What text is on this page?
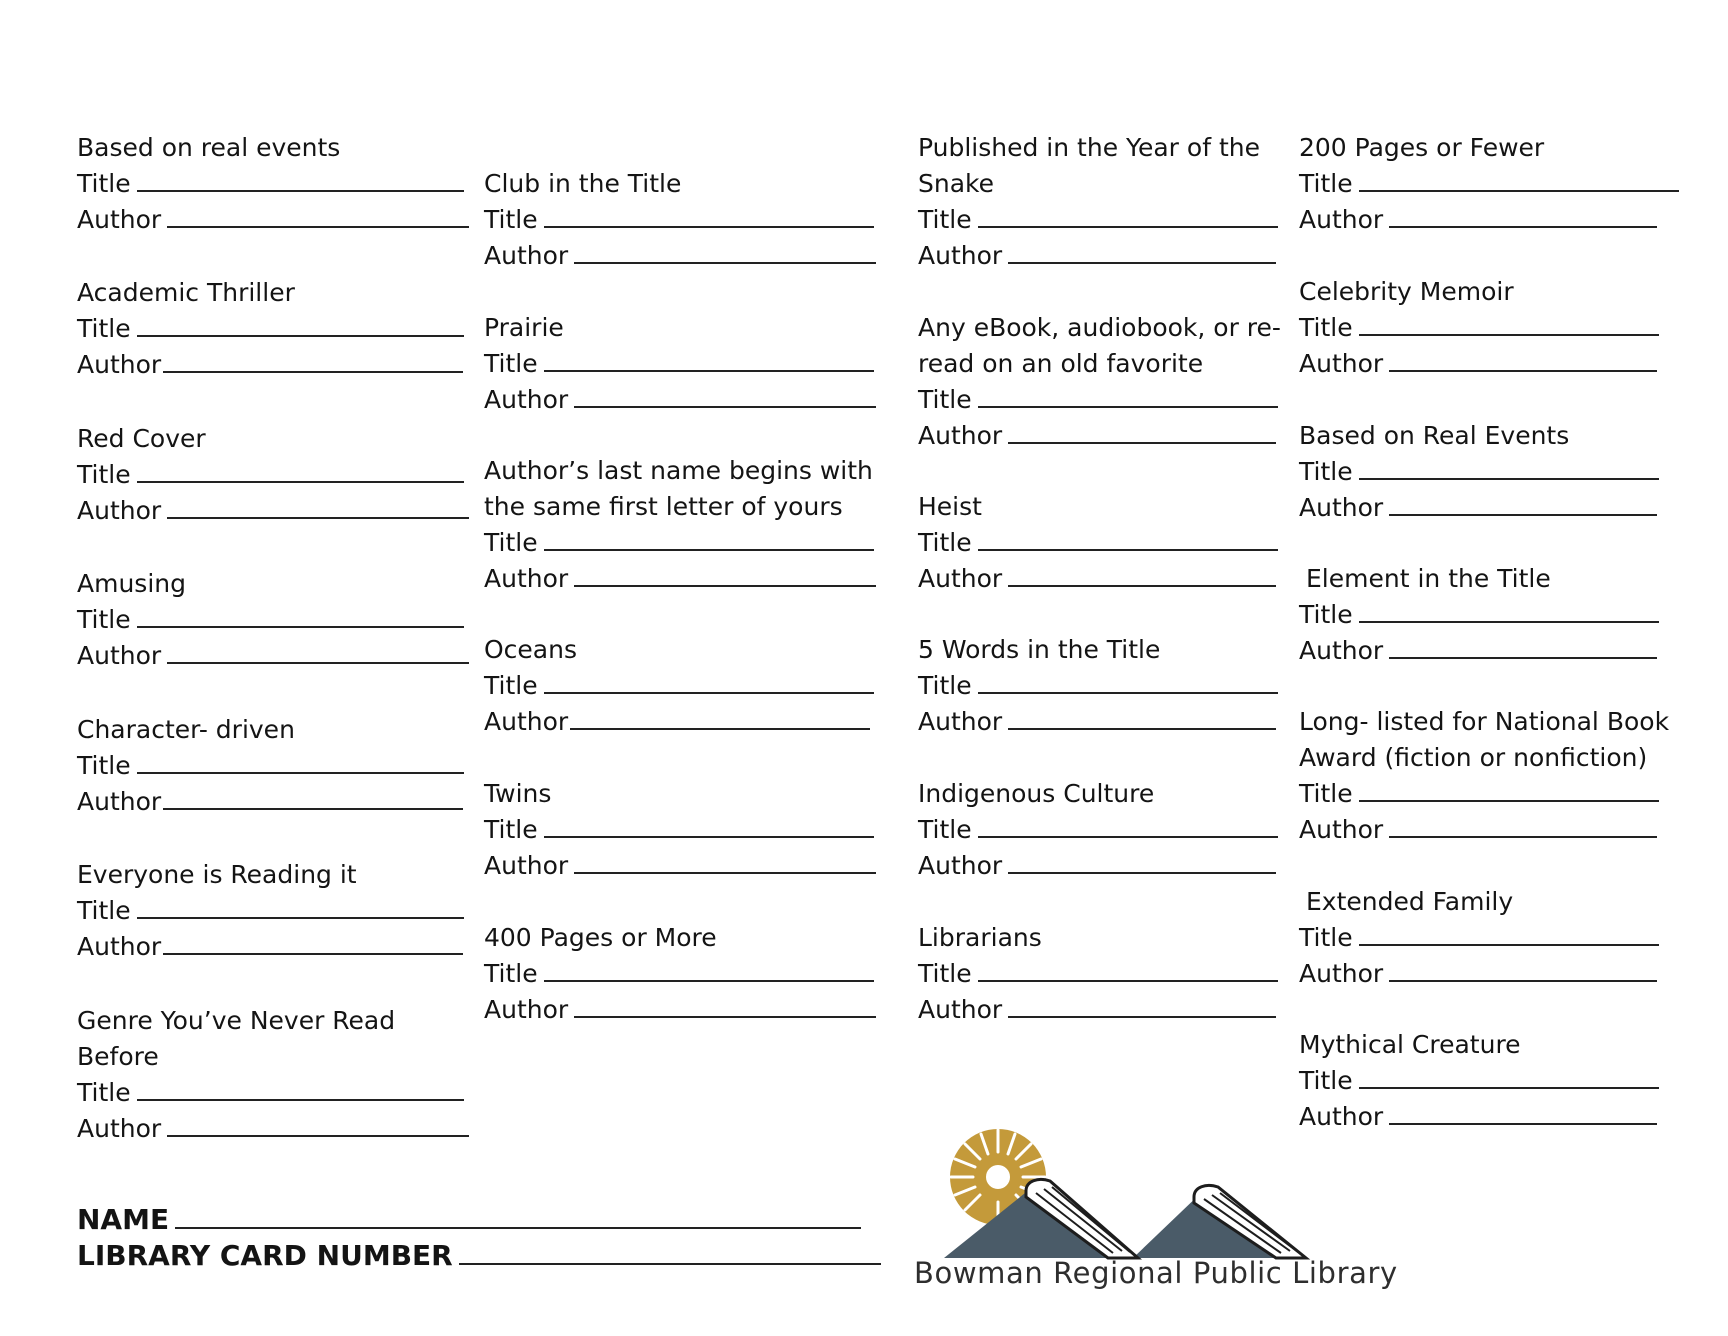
Based on real events
Title
Author
Academic Thriller
Title
Author
Red Cover
Title
Author
Amusing
Title
Author
Character- driven
Title
Author
Everyone is Reading it
Title
Author
Genre You’ve Never Read
Before
Title
Author
Club in the Title
Title
Author
Prairie
Title
Author
Author’s last name begins with
the same first letter of yours
Title
Author
Oceans
Title
Author
Twins
Title
Author
400 Pages or More
Title
Author
Published in the Year of the
Snake
Title
Author
Any eBook, audiobook, or re-
read on an old favorite
Title
Author
Heist
Title
Author
5 Words in the Title
Title
Author
Indigenous Culture
Title
Author
Librarians
Title
Author
200 Pages or Fewer
Title
Author
Celebrity Memoir
Title
Author
Based on Real Events
Title
Author
Element in the Title
Title
Author
Long- listed for National Book
Award (fiction or nonfiction)
Title
Author
Extended Family
Title
Author
Mythical Creature
Title
Author
NAME
LIBRARY CARD NUMBER
Bowman Regional Public Library
